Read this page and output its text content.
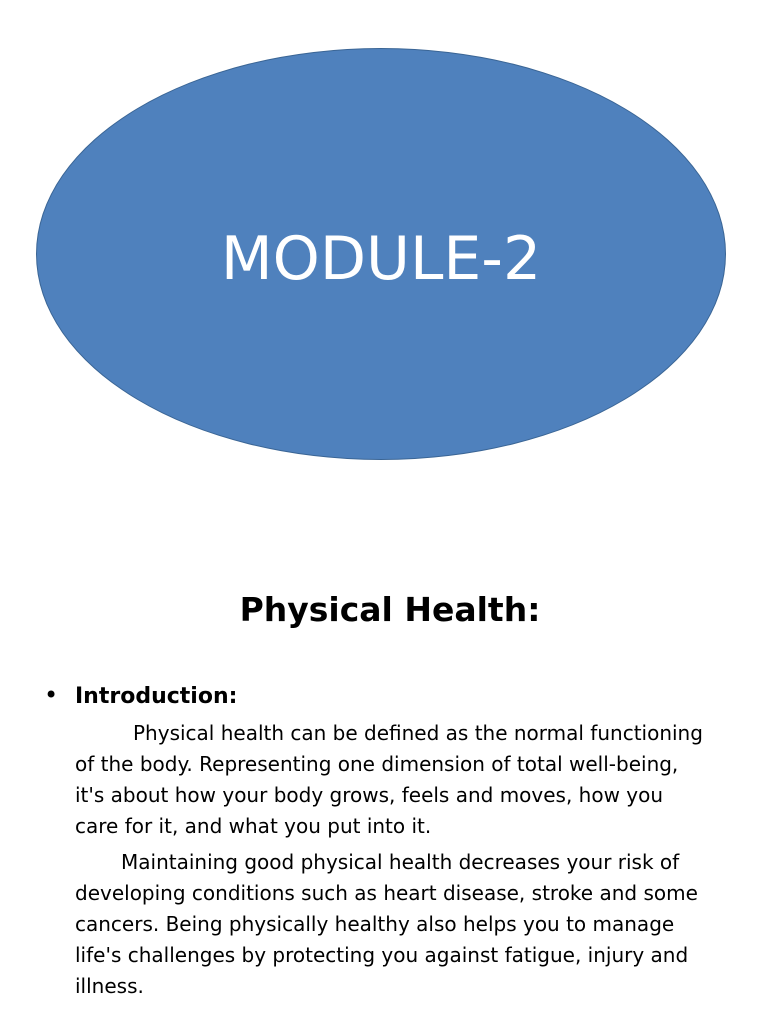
MODULE-2
Physical Health:
• Introduction:

Physical health can be defined as the normal functioning
of the body. Representing one dimension of total well-being,
it's about how your body grows, feels and moves, how you
care for it, and what you put into it.

Maintaining good physical health decreases your risk of
developing conditions such as heart disease, stroke and some
cancers. Being physically healthy also helps you to manage
life's challenges by protecting you against fatigue, injury and
illness.
